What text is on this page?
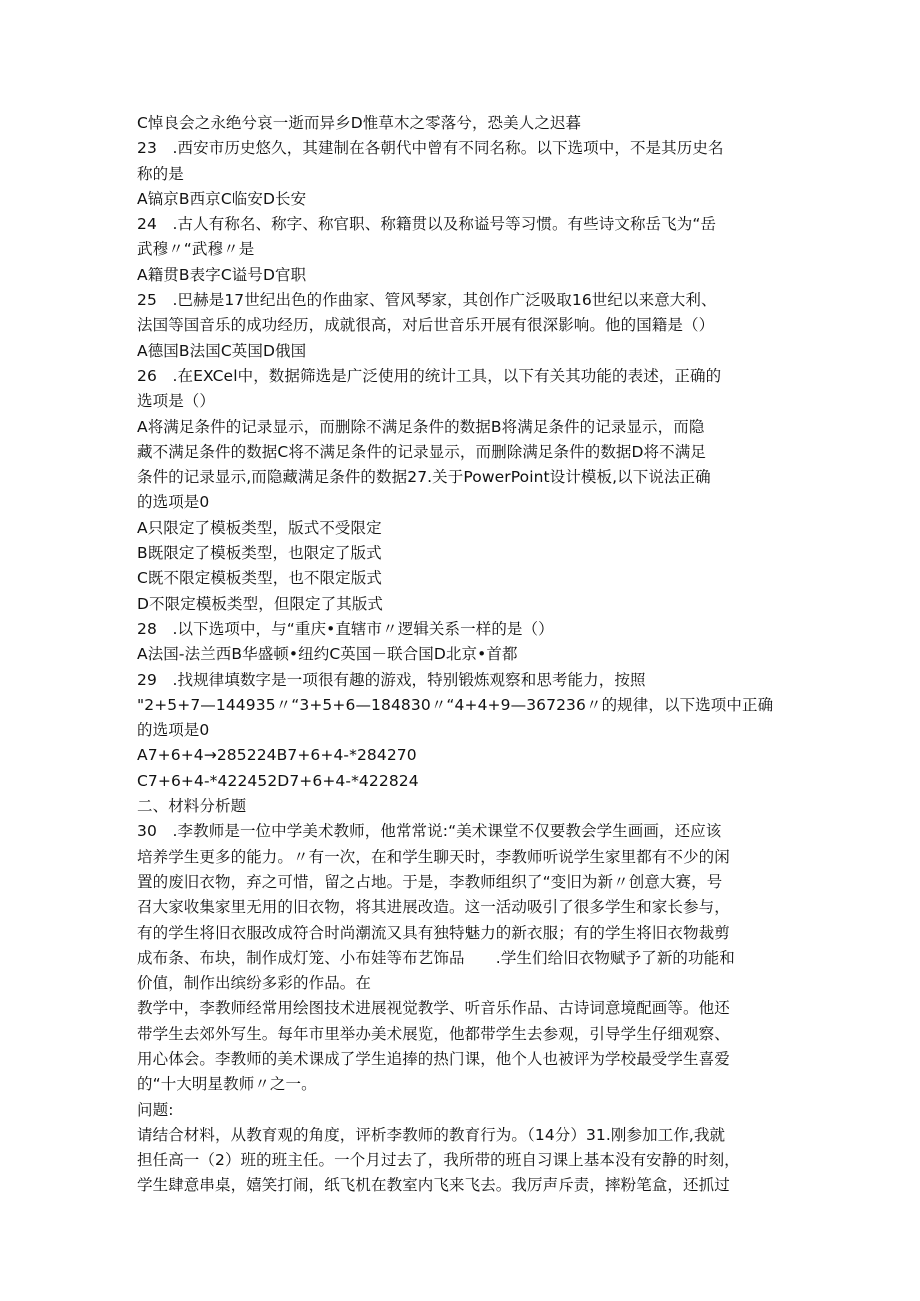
C悼良会之永绝兮哀一逝而异乡D惟草木之零落兮，恐美人之迟暮
23　.西安市历史悠久，其建制在各朝代中曾有不同名称。以下选项中，不是其历史名
称的是
A镐京B西京C临安D长安
24　.古人有称名、称字、称官职、称籍贯以及称谥号等习惯。有些诗文称岳飞为“岳
武穆〃“武穆〃是
A籍贯B表字C谥号D官职
25　.巴赫是17世纪出色的作曲家、管风琴家，其创作广泛吸取16世纪以来意大利、
法国等国音乐的成功经历，成就很高，对后世音乐开展有很深影响。他的国籍是（）
A德国B法国C英国D俄国
26　.在EXCel中，数据筛选是广泛使用的统计工具，以下有关其功能的表述，正确的
选项是（）
A将满足条件的记录显示，而删除不满足条件的数据B将满足条件的记录显示，而隐
藏不满足条件的数据C将不满足条件的记录显示，而删除满足条件的数据D将不满足
条件的记录显示,而隐藏满足条件的数据27.关于PowerPoint设计模板,以下说法正确
的选项是0
A只限定了模板类型，版式不受限定
B既限定了模板类型，也限定了版式
C既不限定模板类型，也不限定版式
D不限定模板类型，但限定了其版式
28　.以下选项中，与“重庆•直辖市〃逻辑关系一样的是（）
A法国-法兰西B华盛顿•纽约C英国－联合国D北京•首都
29　.找规律填数字是一项很有趣的游戏，特别锻炼观察和思考能力，按照
"2+5+7—144935〃“3+5+6—184830〃“4+4+9—367236〃的规律，以下选项中正确
的选项是0
A7+6+4→285224B7+6+4-*284270
C7+6+4-*422452D7+6+4-*422824
二、材料分析题
30　.李教师是一位中学美术教师，他常常说:“美术课堂不仅要教会学生画画，还应该
培养学生更多的能力。〃有一次，在和学生聊天时，李教师听说学生家里都有不少的闲
置的废旧衣物，弃之可惜，留之占地。于是，李教师组织了“变旧为新〃创意大赛，号
召大家收集家里无用的旧衣物，将其进展改造。这一活动吸引了很多学生和家长参与，
有的学生将旧衣服改成符合时尚潮流又具有独特魅力的新衣服；有的学生将旧衣物裁剪
成布条、布块，制作成灯笼、小布娃等布艺饰品　　.学生们给旧衣物赋予了新的功能和
价值，制作出缤纷多彩的作品。在
教学中，李教师经常用绘图技术进展视觉教学、听音乐作品、古诗词意境配画等。他还
带学生去郊外写生。每年市里举办美术展览，他都带学生去参观，引导学生仔细观察、
用心体会。李教师的美术课成了学生追捧的热门课，他个人也被评为学校最受学生喜爱
的“十大明星教师〃之一。
问题:
请结合材料，从教育观的角度，评析李教师的教育行为。（14分）31.刚参加工作,我就
担任高一（2）班的班主任。一个月过去了，我所带的班自习课上基本没有安静的时刻，
学生肆意串桌，嬉笑打闹，纸飞机在教室内飞来飞去。我厉声斥责，摔粉笔盒，还抓过
